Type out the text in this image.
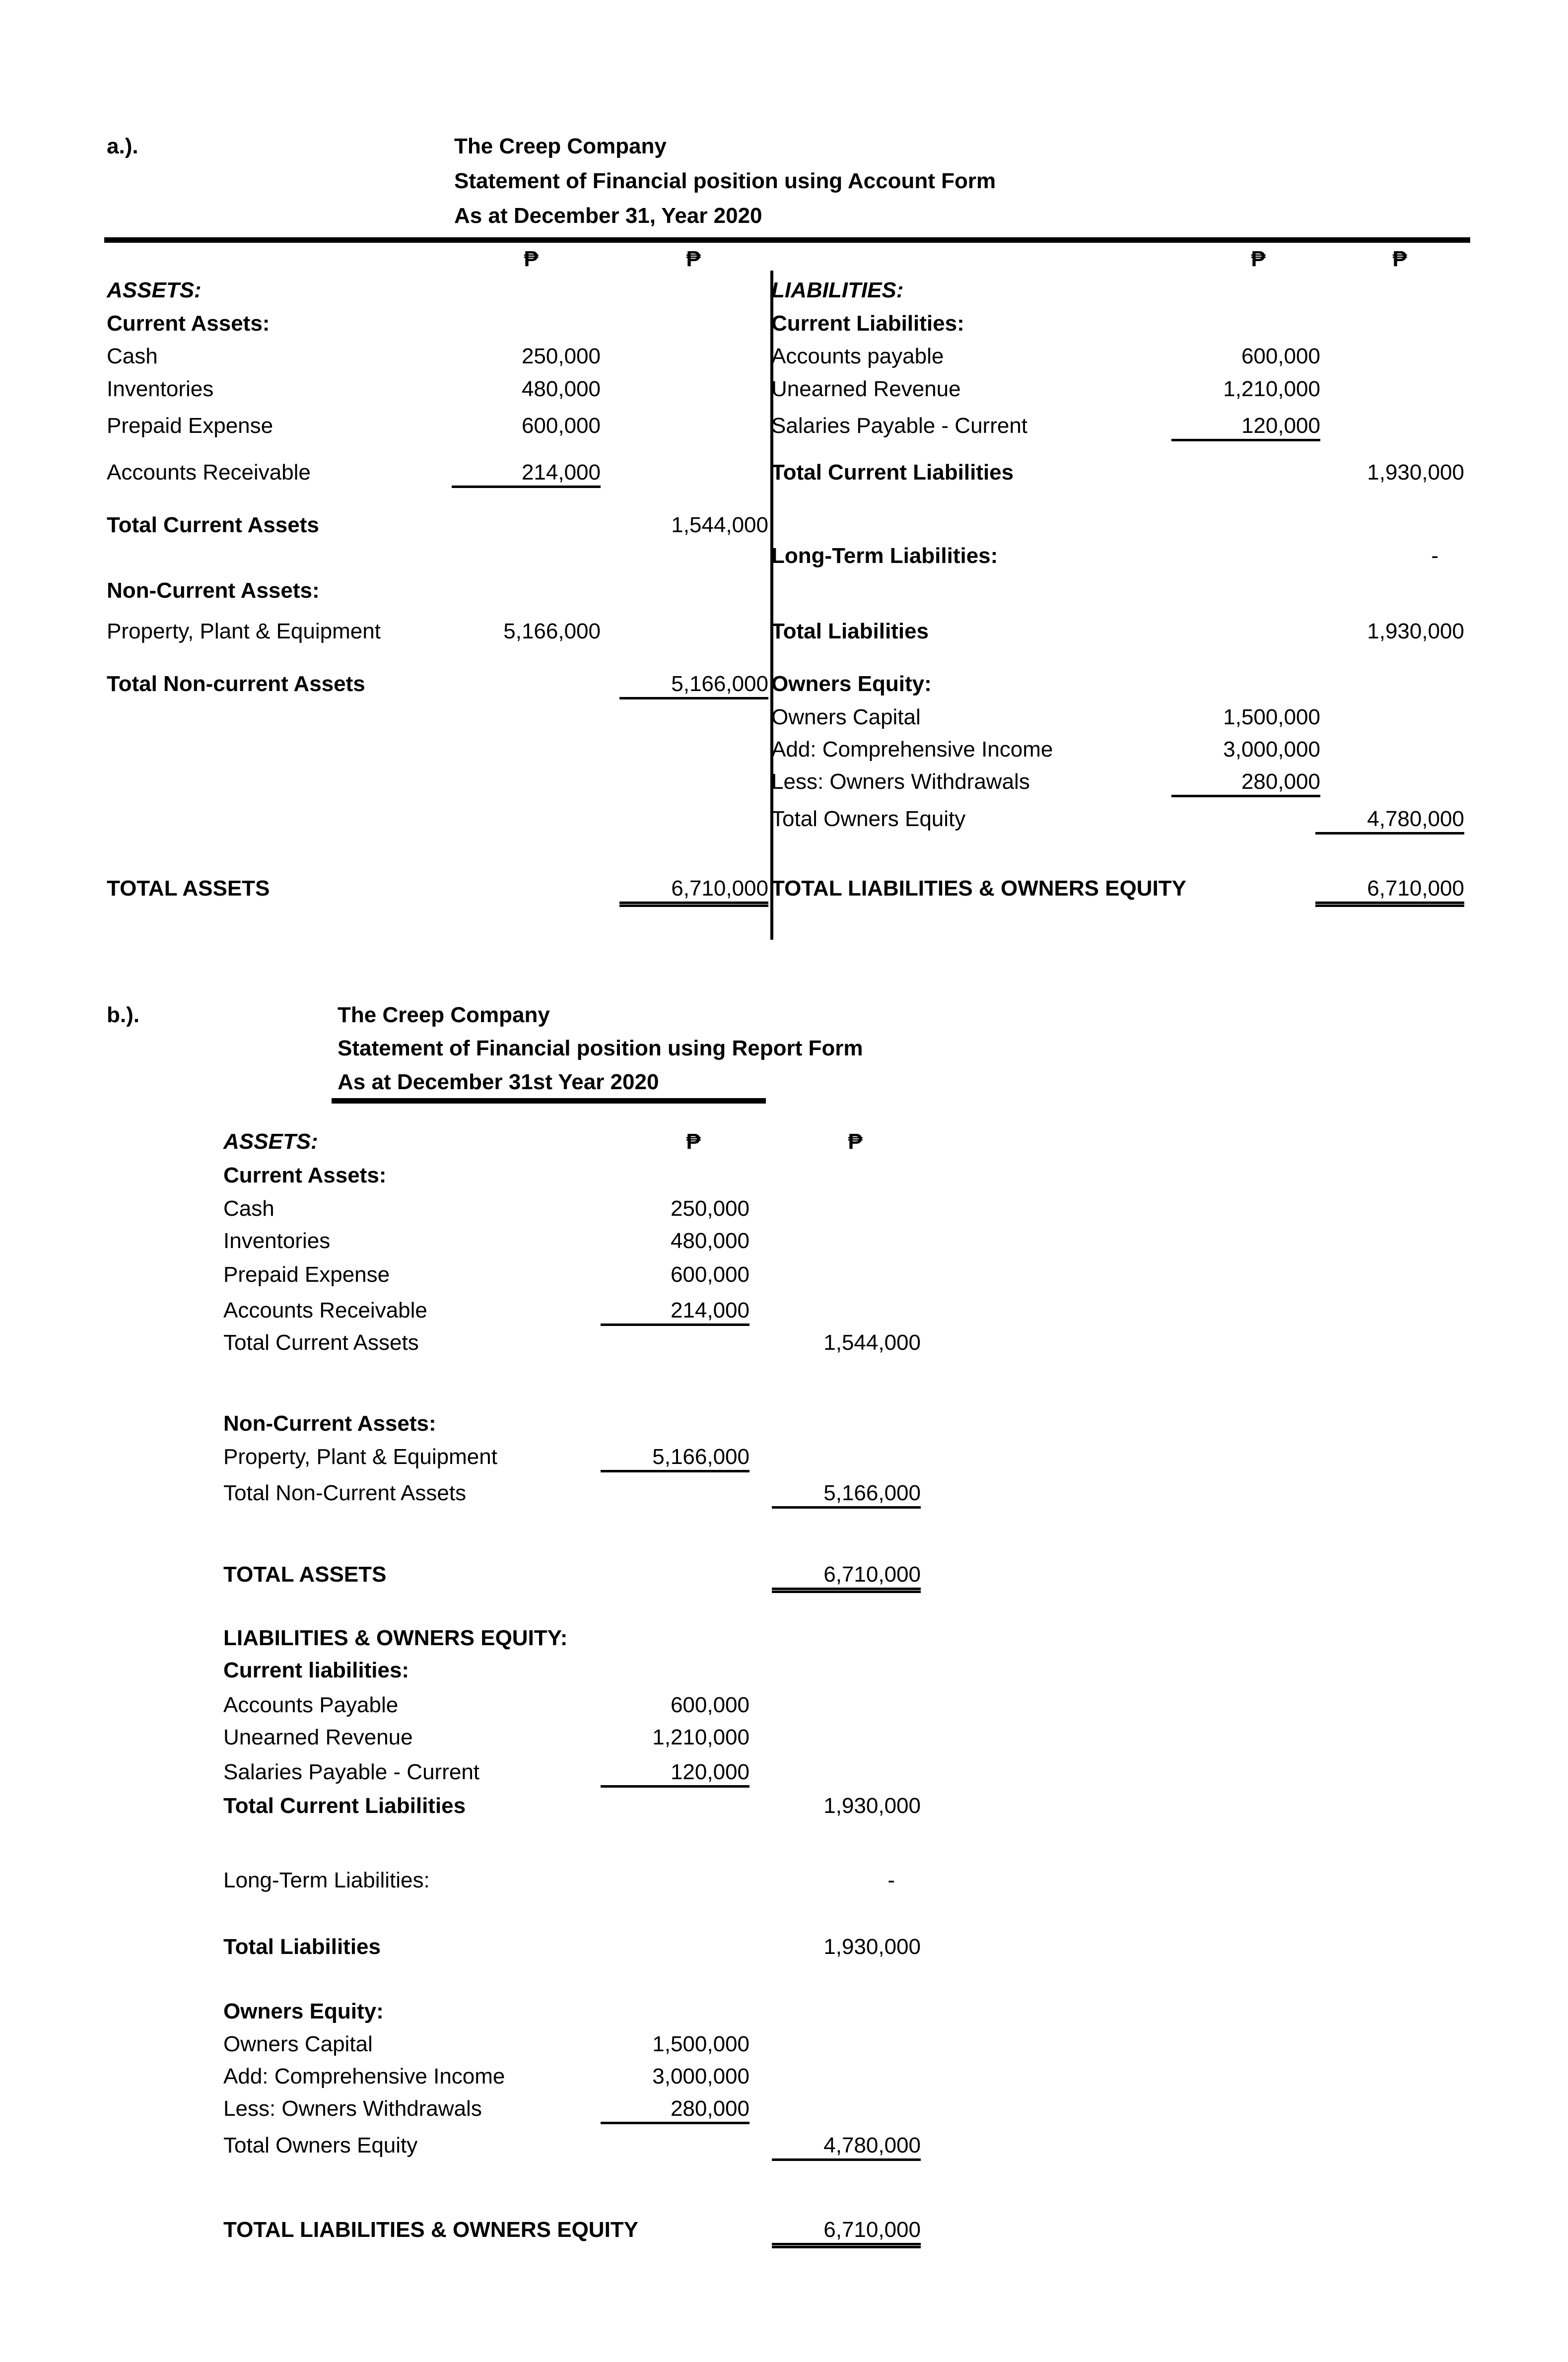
a.).	The Creep Company
Statement of Financial position using Account Form
As at December 31, Year 2020
₱	₱	₱	₱
ASSETS:
Current Assets:
Cash	250,000
Inventories	480,000
Prepaid Expense	600,000
Accounts Receivable	214,000
Total Current Assets	1,544,000
Non-Current Assets:
Property, Plant & Equipment	5,166,000
Total Non-current Assets	5,166,000
TOTAL ASSETS	6,710,000
LIABILITIES:
Current Liabilities:
Accounts payable	600,000
Unearned Revenue	1,210,000
Salaries Payable - Current	120,000
Total Current Liabilities	1,930,000
Long-Term Liabilities:	-
Total Liabilities	1,930,000
Owners Equity:
Owners Capital	1,500,000
Add: Comprehensive Income	3,000,000
Less: Owners Withdrawals	280,000
Total Owners Equity	4,780,000
TOTAL LIABILITIES & OWNERS EQUITY	6,710,000
b.).	The Creep Company
Statement of Financial position using Report Form
As at December 31st Year 2020
₱	₱
ASSETS:
Current Assets:
Cash	250,000
Inventories	480,000
Prepaid Expense	600,000
Accounts Receivable	214,000
Total Current Assets	1,544,000
Non-Current Assets:
Property, Plant & Equipment	5,166,000
Total Non-Current Assets	5,166,000
TOTAL ASSETS	6,710,000
LIABILITIES & OWNERS EQUITY:
Current liabilities:
Accounts Payable	600,000
Unearned Revenue	1,210,000
Salaries Payable - Current	120,000
Total Current Liabilities	1,930,000
Long-Term Liabilities:	-
Total Liabilities	1,930,000
Owners Equity:
Owners Capital	1,500,000
Add: Comprehensive Income	3,000,000
Less: Owners Withdrawals	280,000
Total Owners Equity	4,780,000
TOTAL LIABILITIES & OWNERS EQUITY	6,710,000
